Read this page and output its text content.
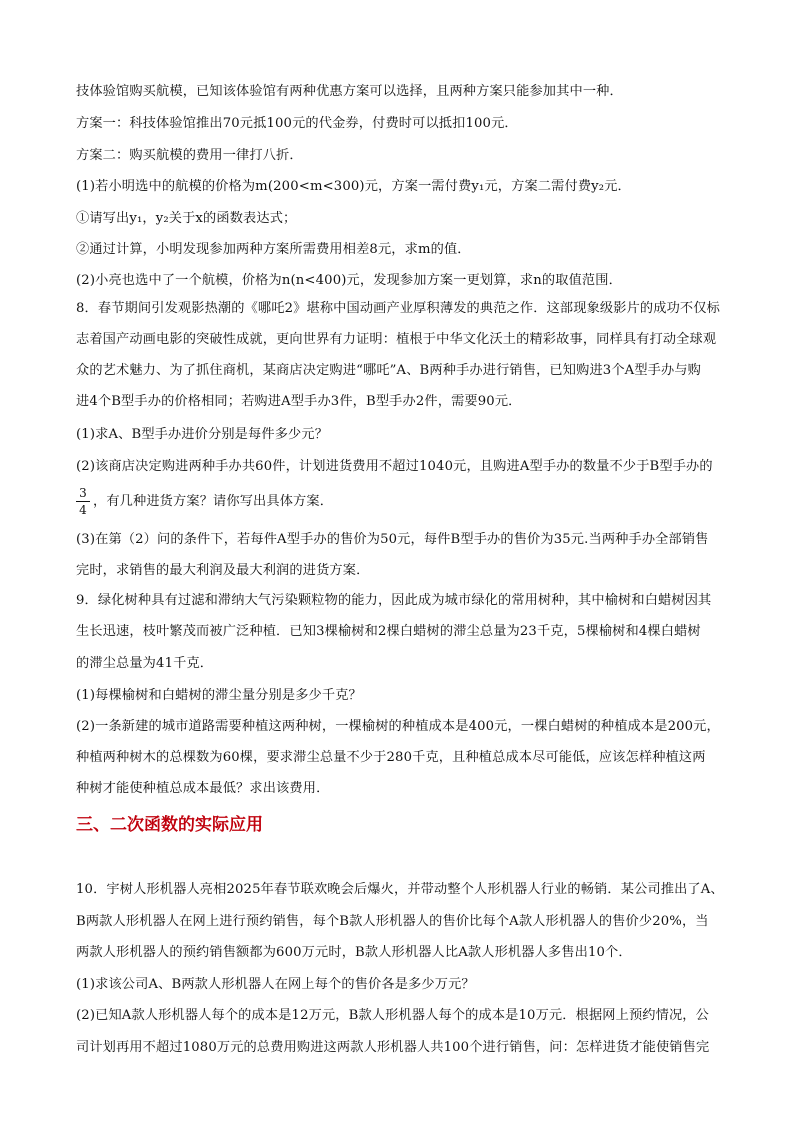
技体验馆购买航模，已知该体验馆有两种优惠方案可以选择，且两种方案只能参加其中一种．
方案一：科技体验馆推出70元抵100元的代金券，付费时可以抵扣100元．
方案二：购买航模的费用一律打八折．
(1)若小明选中的航模的价格为m(200<m<300)元，方案一需付费y₁元，方案二需付费y₂元．
①请写出y₁，y₂关于x的函数表达式；
②通过计算，小明发现参加两种方案所需费用相差8元，求m的值．
(2)小亮也选中了一个航模，价格为n(n<400)元，发现参加方案一更划算，求n的取值范围．
8．春节期间引发观影热潮的《哪吒2》堪称中国动画产业厚积薄发的典范之作．这部现象级影片的成功不仅标
志着国产动画电影的突破性成就，更向世界有力证明：植根于中华文化沃土的精彩故事，同样具有打动全球观
众的艺术魅力、为了抓住商机，某商店决定购进“哪吒”A、B两种手办进行销售，已知购进3个A型手办与购
进4个B型手办的价格相同；若购进A型手办3件，B型手办2件，需要90元．
(1)求A、B型手办进价分别是每件多少元？
(2)该商店决定购进两种手办共60件，计划进货费用不超过1040元，且购进A型手办的数量不少于B型手办的
3
4
，有几种进货方案？请你写出具体方案．
(3)在第（2）问的条件下，若每件A型手办的售价为50元，每件B型手办的售价为35元.当两种手办全部销售
完时，求销售的最大利润及最大利润的进货方案．
9．绿化树种具有过滤和滞纳大气污染颗粒物的能力，因此成为城市绿化的常用树种，其中榆树和白蜡树因其
生长迅速，枝叶繁茂而被广泛种植．已知3棵榆树和2棵白蜡树的滞尘总量为23千克，5棵榆树和4棵白蜡树
的滞尘总量为41千克．
(1)每棵榆树和白蜡树的滞尘量分别是多少千克？
(2)一条新建的城市道路需要种植这两种树，一棵榆树的种植成本是400元，一棵白蜡树的种植成本是200元，
种植两种树木的总棵数为60棵，要求滞尘总量不少于280千克，且种植总成本尽可能低，应该怎样种植这两
种树才能使种植总成本最低？求出该费用．
三、二次函数的实际应用
10．宇树人形机器人亮相2025年春节联欢晚会后爆火，并带动整个人形机器人行业的畅销．某公司推出了A、
B两款人形机器人在网上进行预约销售，每个B款人形机器人的售价比每个A款人形机器人的售价少20%，当
两款人形机器人的预约销售额都为600万元时，B款人形机器人比A款人形机器人多售出10个．
(1)求该公司A、B两款人形机器人在网上每个的售价各是多少万元？
(2)已知A款人形机器人每个的成本是12万元，B款人形机器人每个的成本是10万元．根据网上预约情况，公
司计划再用不超过1080万元的总费用购进这两款人形机器人共100个进行销售，问：怎样进货才能使销售完
